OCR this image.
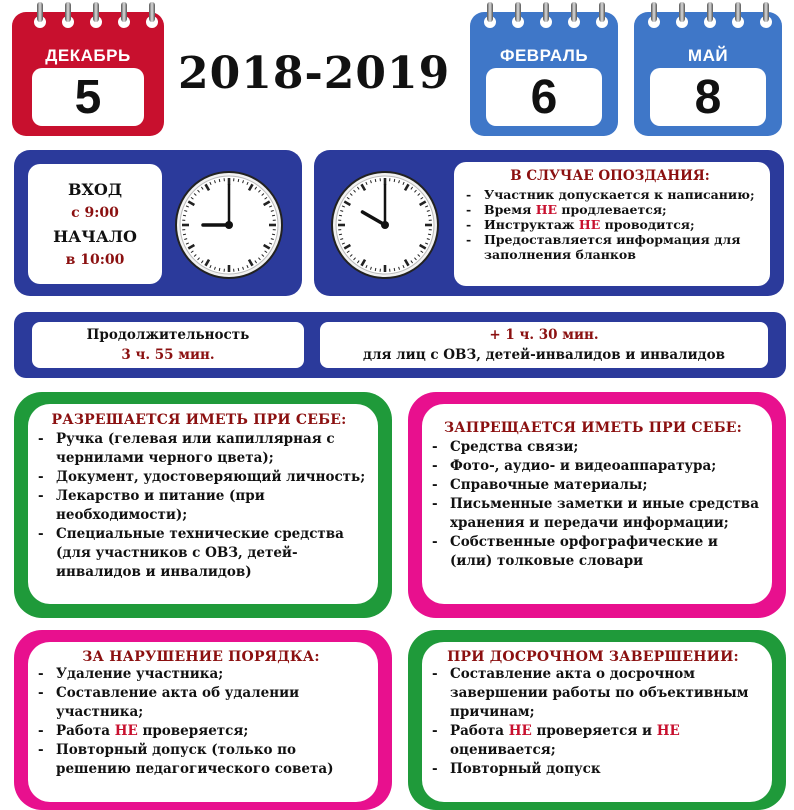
ДЕКАБРЬ
5	2018-2019	ФЕВРАЛЬ
6
МАЙ
8
ВХОД
с 9:00
НАЧАЛО
в 10:00
В СЛУЧАЕ ОПОЗДАНИЯ:
- Участник допускается к написанию;
- Время НЕ продлевается;
- Инструктаж НЕ проводится;
- Предоставляется информация для заполнения бланков
Продолжительность
3 ч. 55 мин.
+ 1 ч. 30 мин.
для лиц с ОВЗ, детей-инвалидов и инвалидов
РАЗРЕШАЕТСЯ ИМЕТЬ ПРИ СЕБЕ:
- Ручка (гелевая или капиллярная с чернилами черного цвета);
- Документ, удостоверяющий личность;
- Лекарство и питание (при необходимости);
- Специальные технические средства (для участников с ОВЗ, детей-инвалидов и инвалидов)
ЗАПРЕЩАЕТСЯ ИМЕТЬ ПРИ СЕБЕ:
- Средства связи;
- Фото-, аудио- и видеоаппаратура;
- Справочные материалы;
- Письменные заметки и иные средства хранения и передачи информации;
- Собственные орфографические и (или) толковые словари
ЗА НАРУШЕНИЕ ПОРЯДКА:
- Удаление участника;
- Составление акта об удалении участника;
- Работа НЕ проверяется;
- Повторный допуск (только по решению педагогического совета)
ПРИ ДОСРОЧНОМ ЗАВЕРШЕНИИ:
- Составление акта о досрочном завершении работы по объективным причинам;
- Работа НЕ проверяется и НЕ оценивается;
- Повторный допуск
